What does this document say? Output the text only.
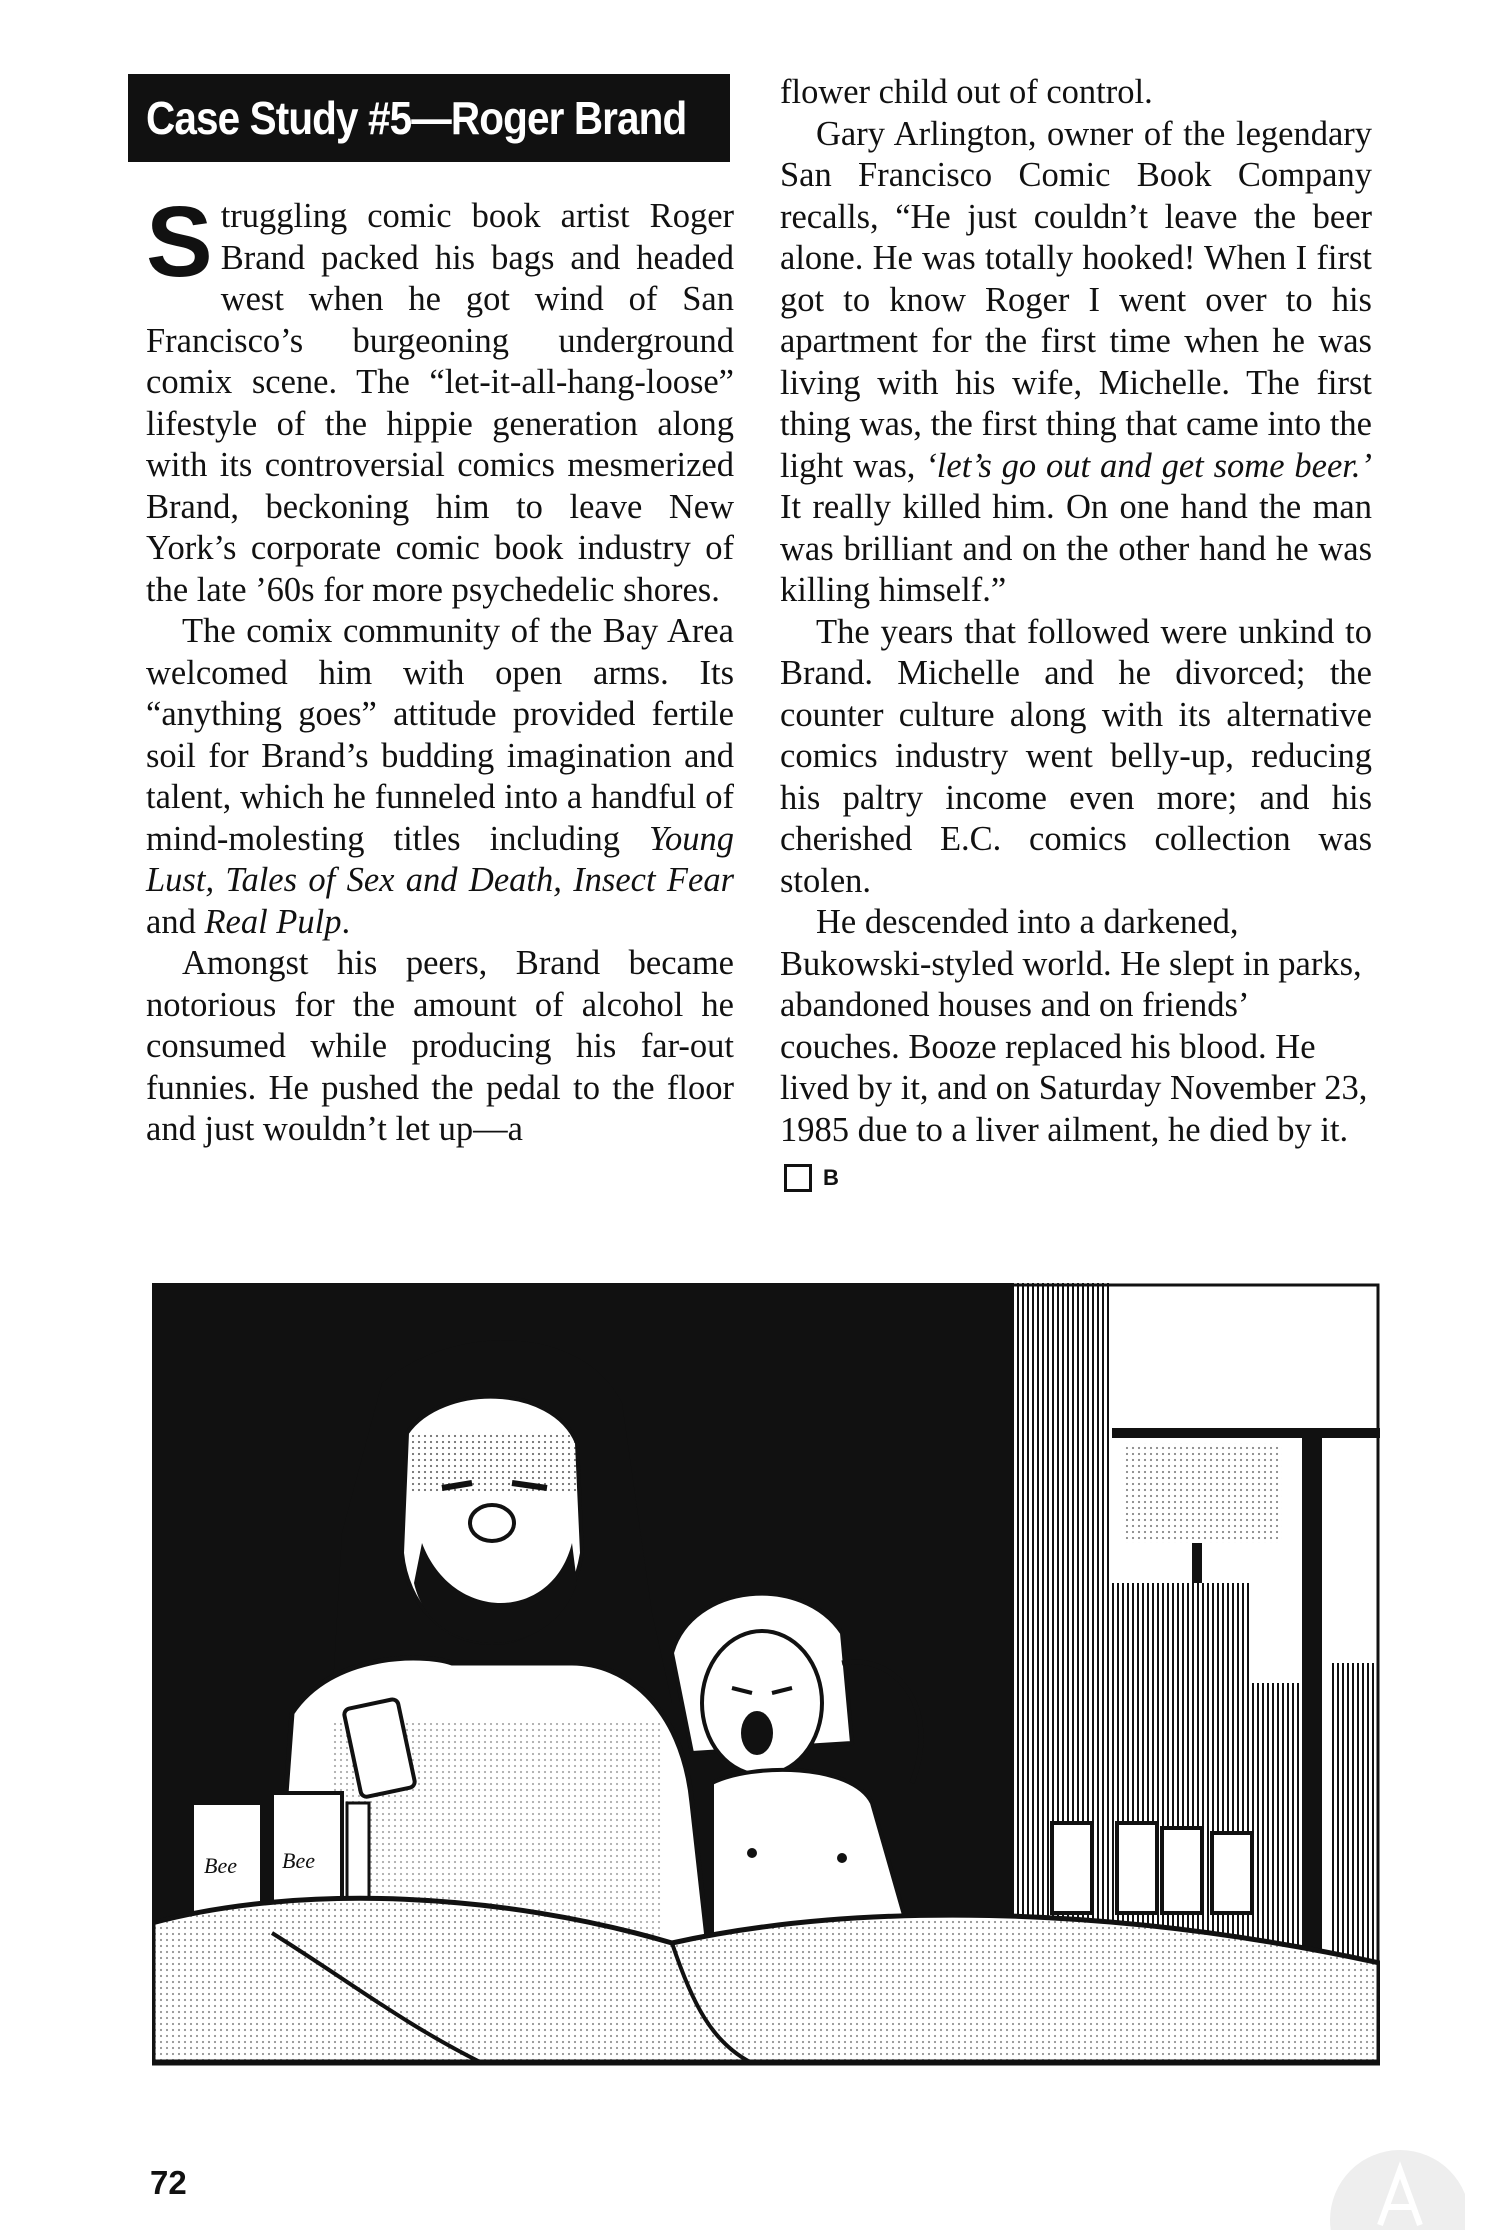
Case Study #5—Roger Brand

Struggling comic book artist Roger Brand packed his bags and headed west when he got wind of San Francisco’s burgeoning underground comix scene. The “let-it-all-hang-loose” lifestyle of the hippie generation along with its controversial comics mesmerized Brand, beckoning him to leave New York’s corporate comic book industry of the late ’60s for more psychedelic shores.

The comix community of the Bay Area welcomed him with open arms. Its “anything goes” attitude provided fertile soil for Brand’s budding imagination and talent, which he funneled into a handful of mind-molesting titles including Young Lust, Tales of Sex and Death, Insect Fear and Real Pulp.

Amongst his peers, Brand became notorious for the amount of alcohol he consumed while producing his far-out funnies. He pushed the pedal to the floor and just wouldn’t let up—a

flower child out of control.

Gary Arlington, owner of the legendary San Francisco Comic Book Company recalls, “He just couldn’t leave the beer alone. He was totally hooked! When I first got to know Roger I went over to his apartment for the first time when he was living with his wife, Michelle. The first thing was, the first thing that came into the light was, ‘let’s go out and get some beer.’ It really killed him. On one hand the man was brilliant and on the other hand he was killing himself.”

The years that followed were unkind to Brand. Michelle and he divorced; the counter culture along with its alternative comics industry went belly-up, reducing his paltry income even more; and his cherished E.C. comics collection was stolen.

He descended into a darkened, Bukowski-styled world. He slept in parks, abandoned houses and on friends’ couches. Booze replaced his blood. He lived by it, and on Saturday November 23, 1985 due to a liver ailment, he died by it. B

Bee Bee
72
